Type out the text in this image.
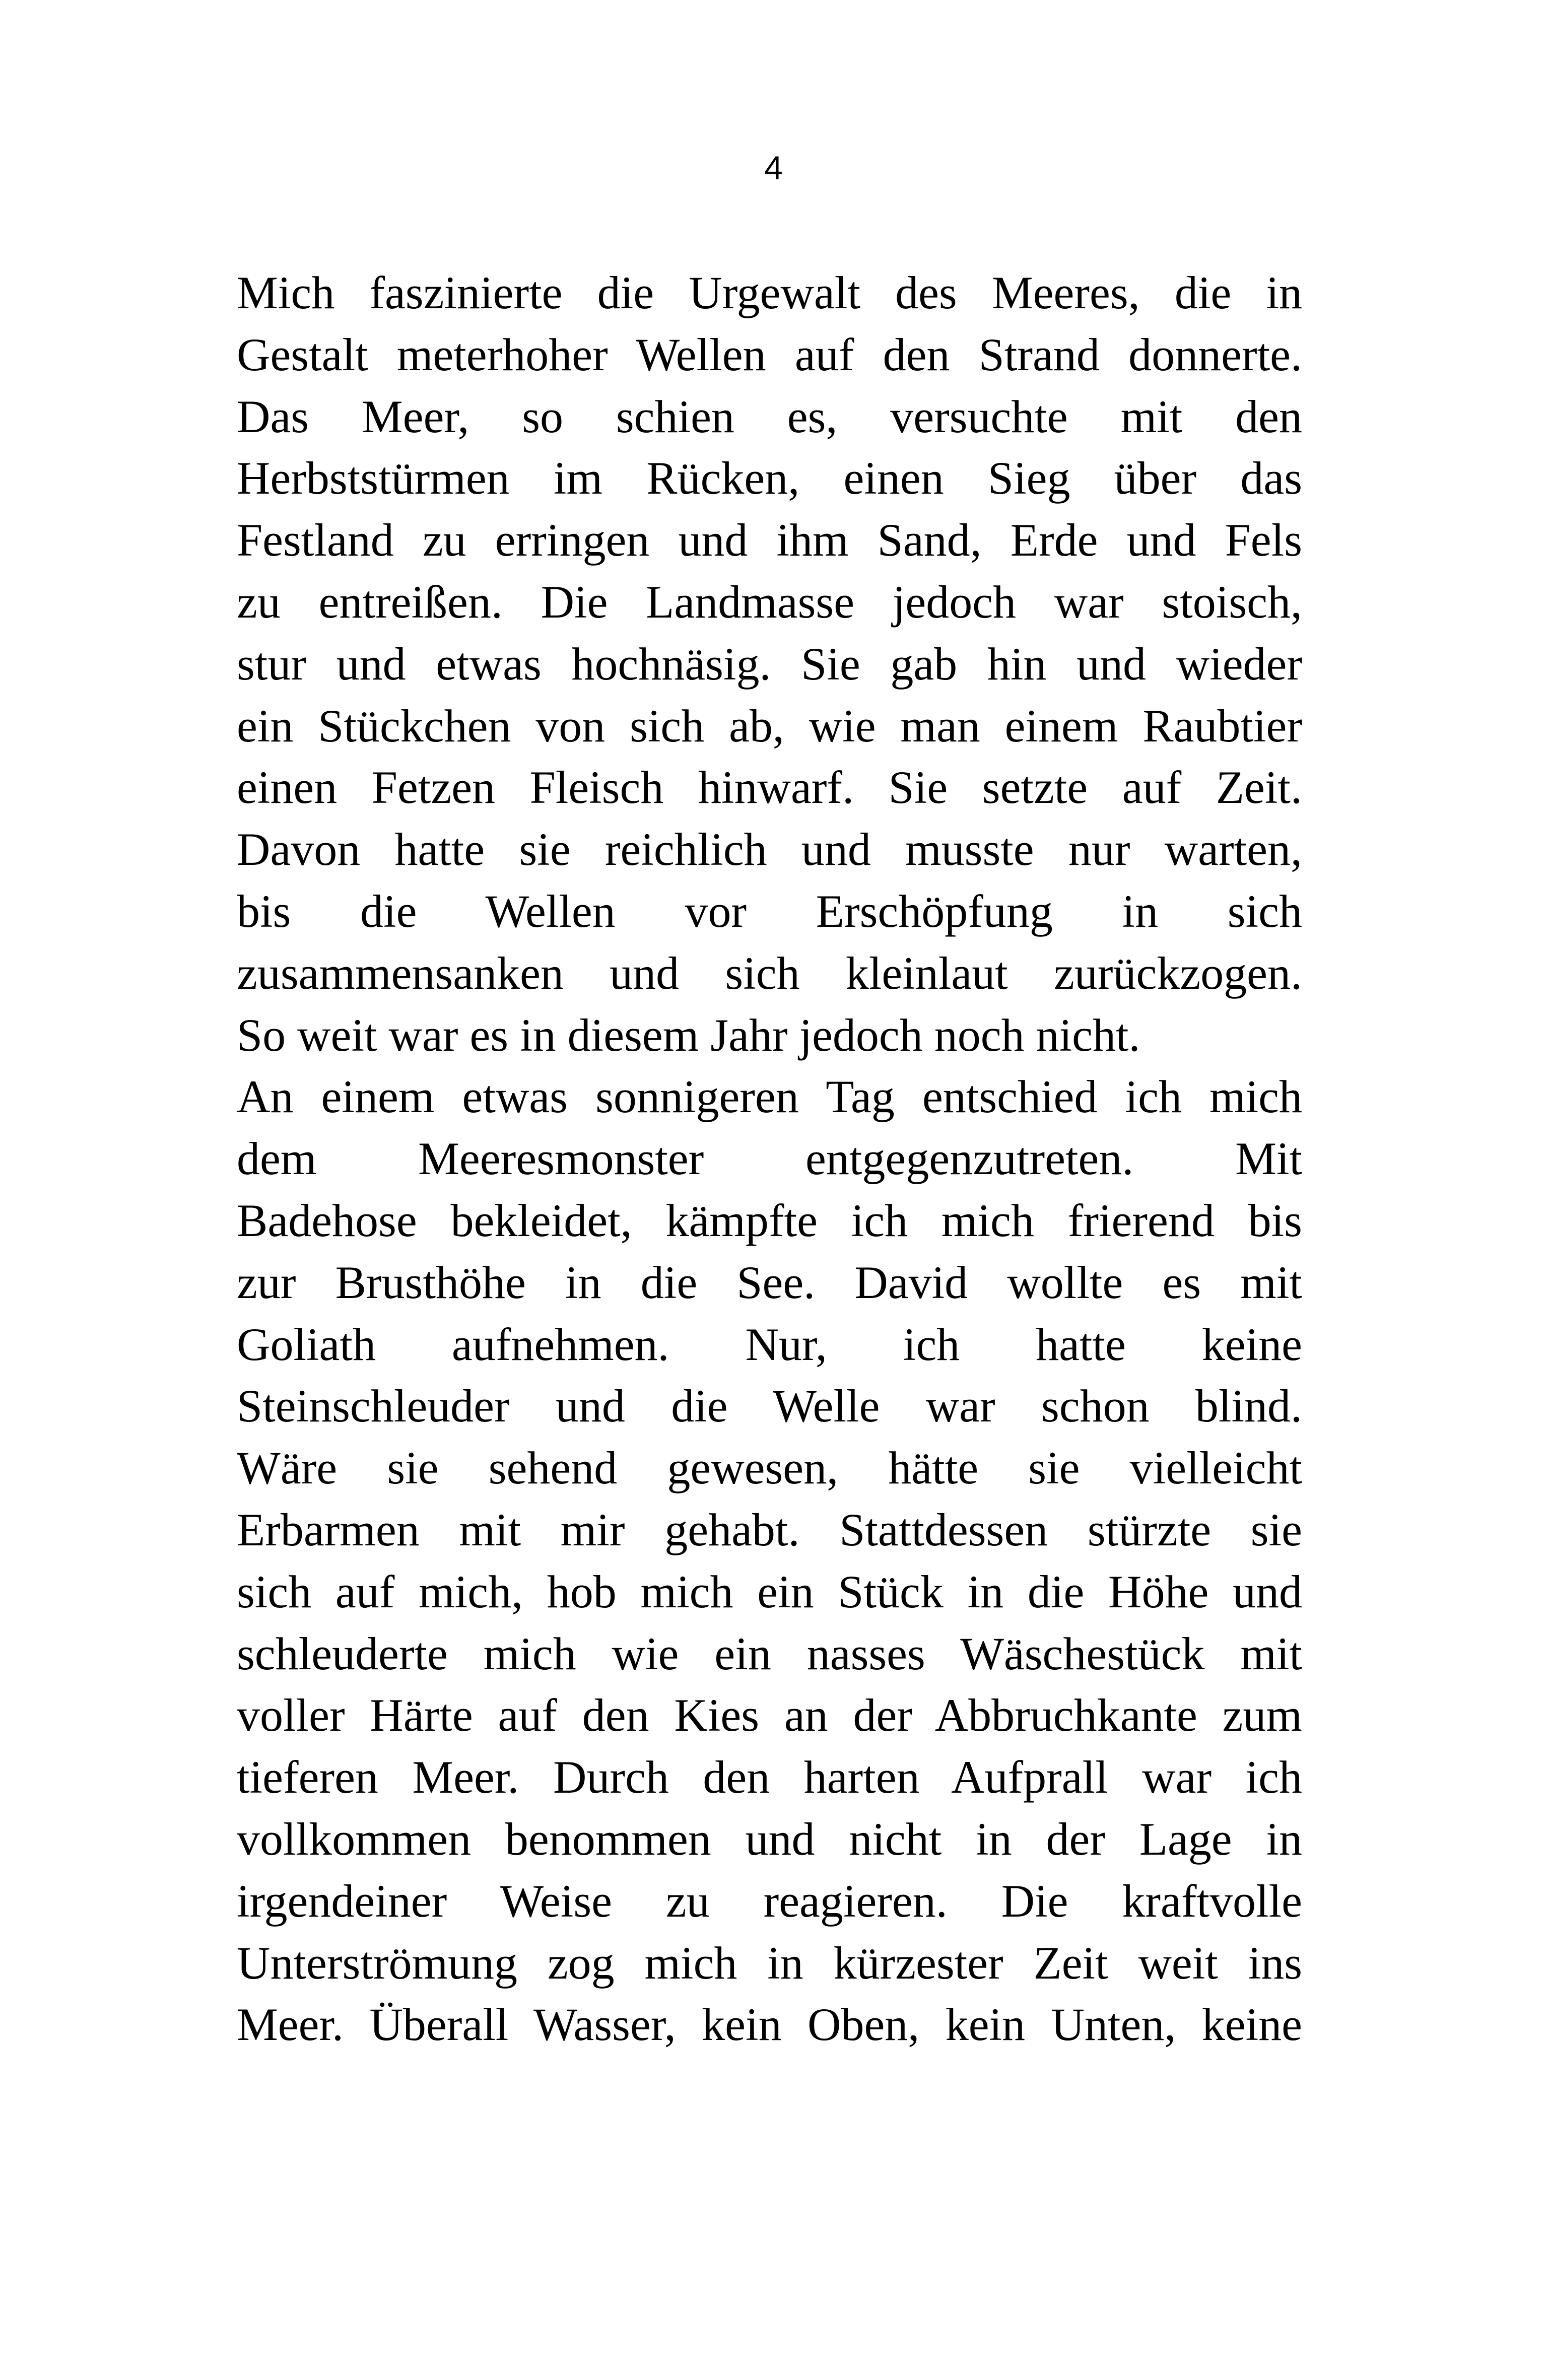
4
Mich faszinierte die Urgewalt des Meeres, die in
Gestalt meterhoher Wellen auf den Strand donnerte.
Das Meer, so schien es, versuchte mit den
Herbststürmen im Rücken, einen Sieg über das
Festland zu erringen und ihm Sand, Erde und Fels
zu entreißen. Die Landmasse jedoch war stoisch,
stur und etwas hochnäsig. Sie gab hin und wieder
ein Stückchen von sich ab, wie man einem Raubtier
einen Fetzen Fleisch hinwarf. Sie setzte auf Zeit.
Davon hatte sie reichlich und musste nur warten,
bis die Wellen vor Erschöpfung in sich
zusammensanken und sich kleinlaut zurückzogen.
So weit war es in diesem Jahr jedoch noch nicht.
An einem etwas sonnigeren Tag entschied ich mich
dem Meeresmonster entgegenzutreten. Mit
Badehose bekleidet, kämpfte ich mich frierend bis
zur Brusthöhe in die See. David wollte es mit
Goliath aufnehmen. Nur, ich hatte keine
Steinschleuder und die Welle war schon blind.
Wäre sie sehend gewesen, hätte sie vielleicht
Erbarmen mit mir gehabt. Stattdessen stürzte sie
sich auf mich, hob mich ein Stück in die Höhe und
schleuderte mich wie ein nasses Wäschestück mit
voller Härte auf den Kies an der Abbruchkante zum
tieferen Meer. Durch den harten Aufprall war ich
vollkommen benommen und nicht in der Lage in
irgendeiner Weise zu reagieren. Die kraftvolle
Unterströmung zog mich in kürzester Zeit weit ins
Meer. Überall Wasser, kein Oben, kein Unten, keine
